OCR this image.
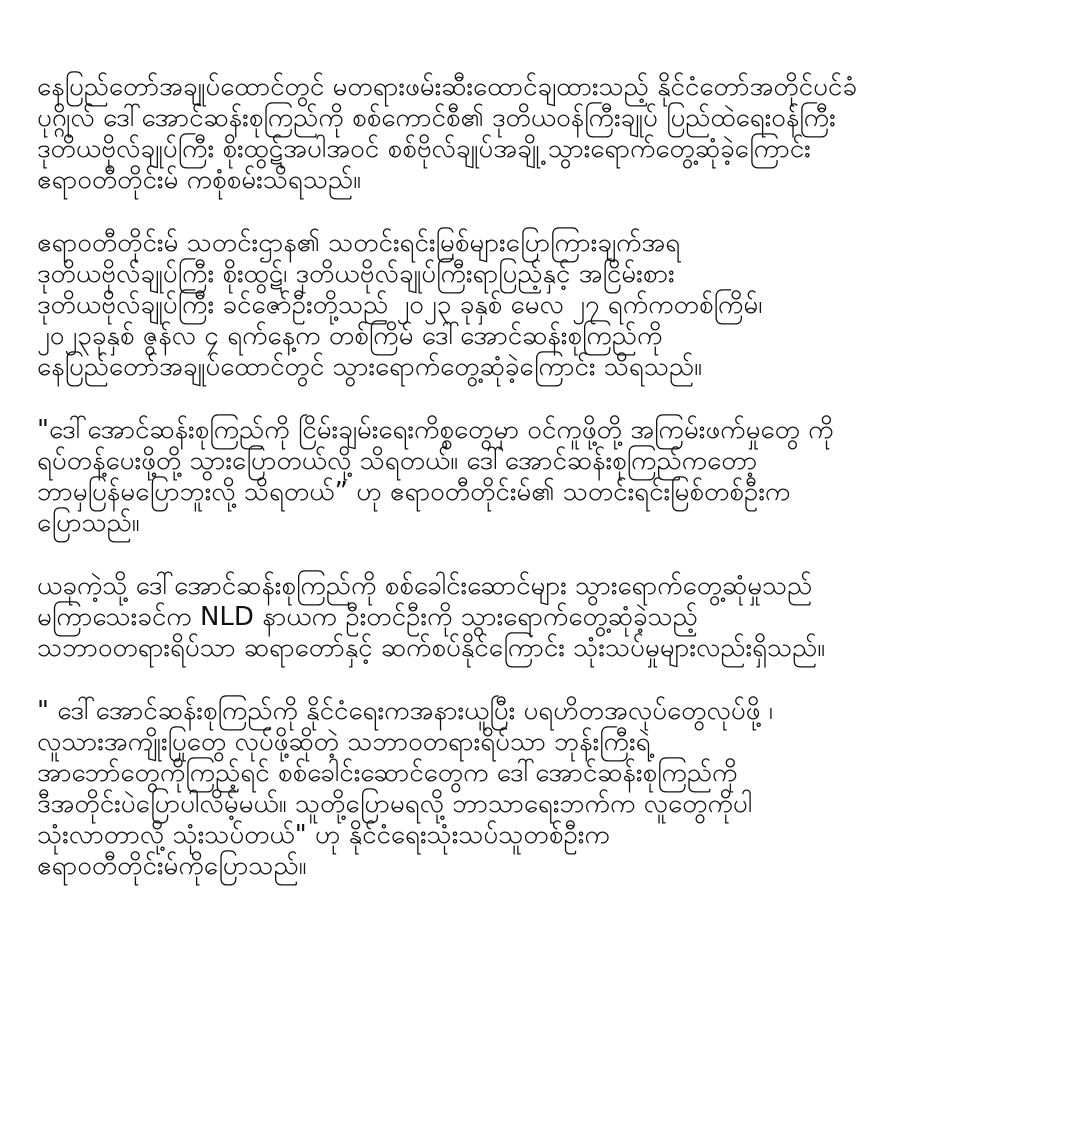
နေပြည်တော်အချုပ်ထောင်တွင် မတရားဖမ်းဆီးထောင်ချထားသည့် နိုင်ငံတော်အတိုင်ပင်ခံ
ပုဂ္ဂိုလ် ဒေါ်အောင်ဆန်းစုကြည်ကို စစ်ကောင်စီ၏ ဒုတိယဝန်ကြီးချုပ် ပြည်ထဲရေးဝန်ကြီး
ဒုတိယဗိုလ်ချုပ်ကြီး စိုးထွဋ်အပါအဝင် စစ်ဗိုလ်ချုပ်အချို့ သွားရောက်တွေ့ဆုံခဲ့ကြောင်း
ဧရာဝတီတိုင်းမ် ကစုံစမ်းသိရသည်။

ဧရာဝတီတိုင်းမ် သတင်းဌာန၏ သတင်းရင်းမြစ်များပြောကြားချက်အရ
ဒုတိယဗိုလ်ချုပ်ကြီး စိုးထွဋ်၊ ဒုတိယဗိုလ်ချုပ်ကြီးရာပြည့်နှင့် အငြိမ်းစား
ဒုတိယဗိုလ်ချုပ်ကြီး ခင်ဇော်ဦးတို့သည် ၂၀၂၃ ခုနှစ် မေလ ၂၇ ရက်ကတစ်ကြိမ်၊
၂၀၂၃ခုနှစ် ဇွန်လ ၄ ရက်နေ့က တစ်ကြိမ် ဒေါ်အောင်ဆန်းစုကြည်ကို
နေပြည်တော်အချုပ်ထောင်တွင် သွားရောက်တွေ့ဆုံခဲ့ကြောင်း သိရသည်။

"ဒေါ်အောင်ဆန်းစုကြည်ကို ငြိမ်းချမ်းရေးကိစ္စတွေမှာ ဝင်ကူဖို့တို့ အကြမ်းဖက်မှုတွေ ကို
ရပ်တန့်ပေးဖို့တို့ သွားပြောတယ်လို့ သိရတယ်။ ဒေါ်အောင်ဆန်းစုကြည်ကတော့
ဘာမှပြန်မပြောဘူးလို့ သိရတယ်” ဟု ဧရာဝတီတိုင်းမ်၏ သတင်းရင်းမြစ်တစ်ဦးက
ပြောသည်။

ယခုကဲ့သို့ ဒေါ်အောင်ဆန်းစုကြည်ကို စစ်ခေါင်းဆောင်များ သွားရောက်တွေ့ဆုံမှုသည်
မကြာသေးခင်က NLD နာယက ဦးတင်ဦးကို သွားရောက်တွေ့ဆုံခဲ့သည့်
သဘာဝတရားရိပ်သာ ဆရာတော်နှင့် ဆက်စပ်နိုင်ကြောင်း သုံးသပ်မှုများလည်းရှိသည်။

" ဒေါ်အောင်ဆန်းစုကြည်ကို နိုင်ငံရေးကအနားယူပြီး ပရဟိတအလုပ်တွေလုပ်ဖို့ ၊
လူသားအကျိုးပြုတွေ လုပ်ဖို့ဆိုတဲ့ သဘာဝတရားရိပ်သာ ဘုန်းကြီးရဲ့
အာဘော်တွေကိုကြည့်ရင် စစ်ခေါင်းဆောင်တွေက ဒေါ်အောင်ဆန်းစုကြည်ကို
ဒီအတိုင်းပဲပြောပါလိမ့်မယ်။ သူတို့ပြောမရလို့ ဘာသာရေးဘက်က လူတွေကိုပါ
သုံးလာတာလို့ သုံးသပ်တယ်" ဟု နိုင်ငံရေးသုံးသပ်သူတစ်ဦးက
ဧရာဝတီတိုင်းမ်ကိုပြောသည်။
